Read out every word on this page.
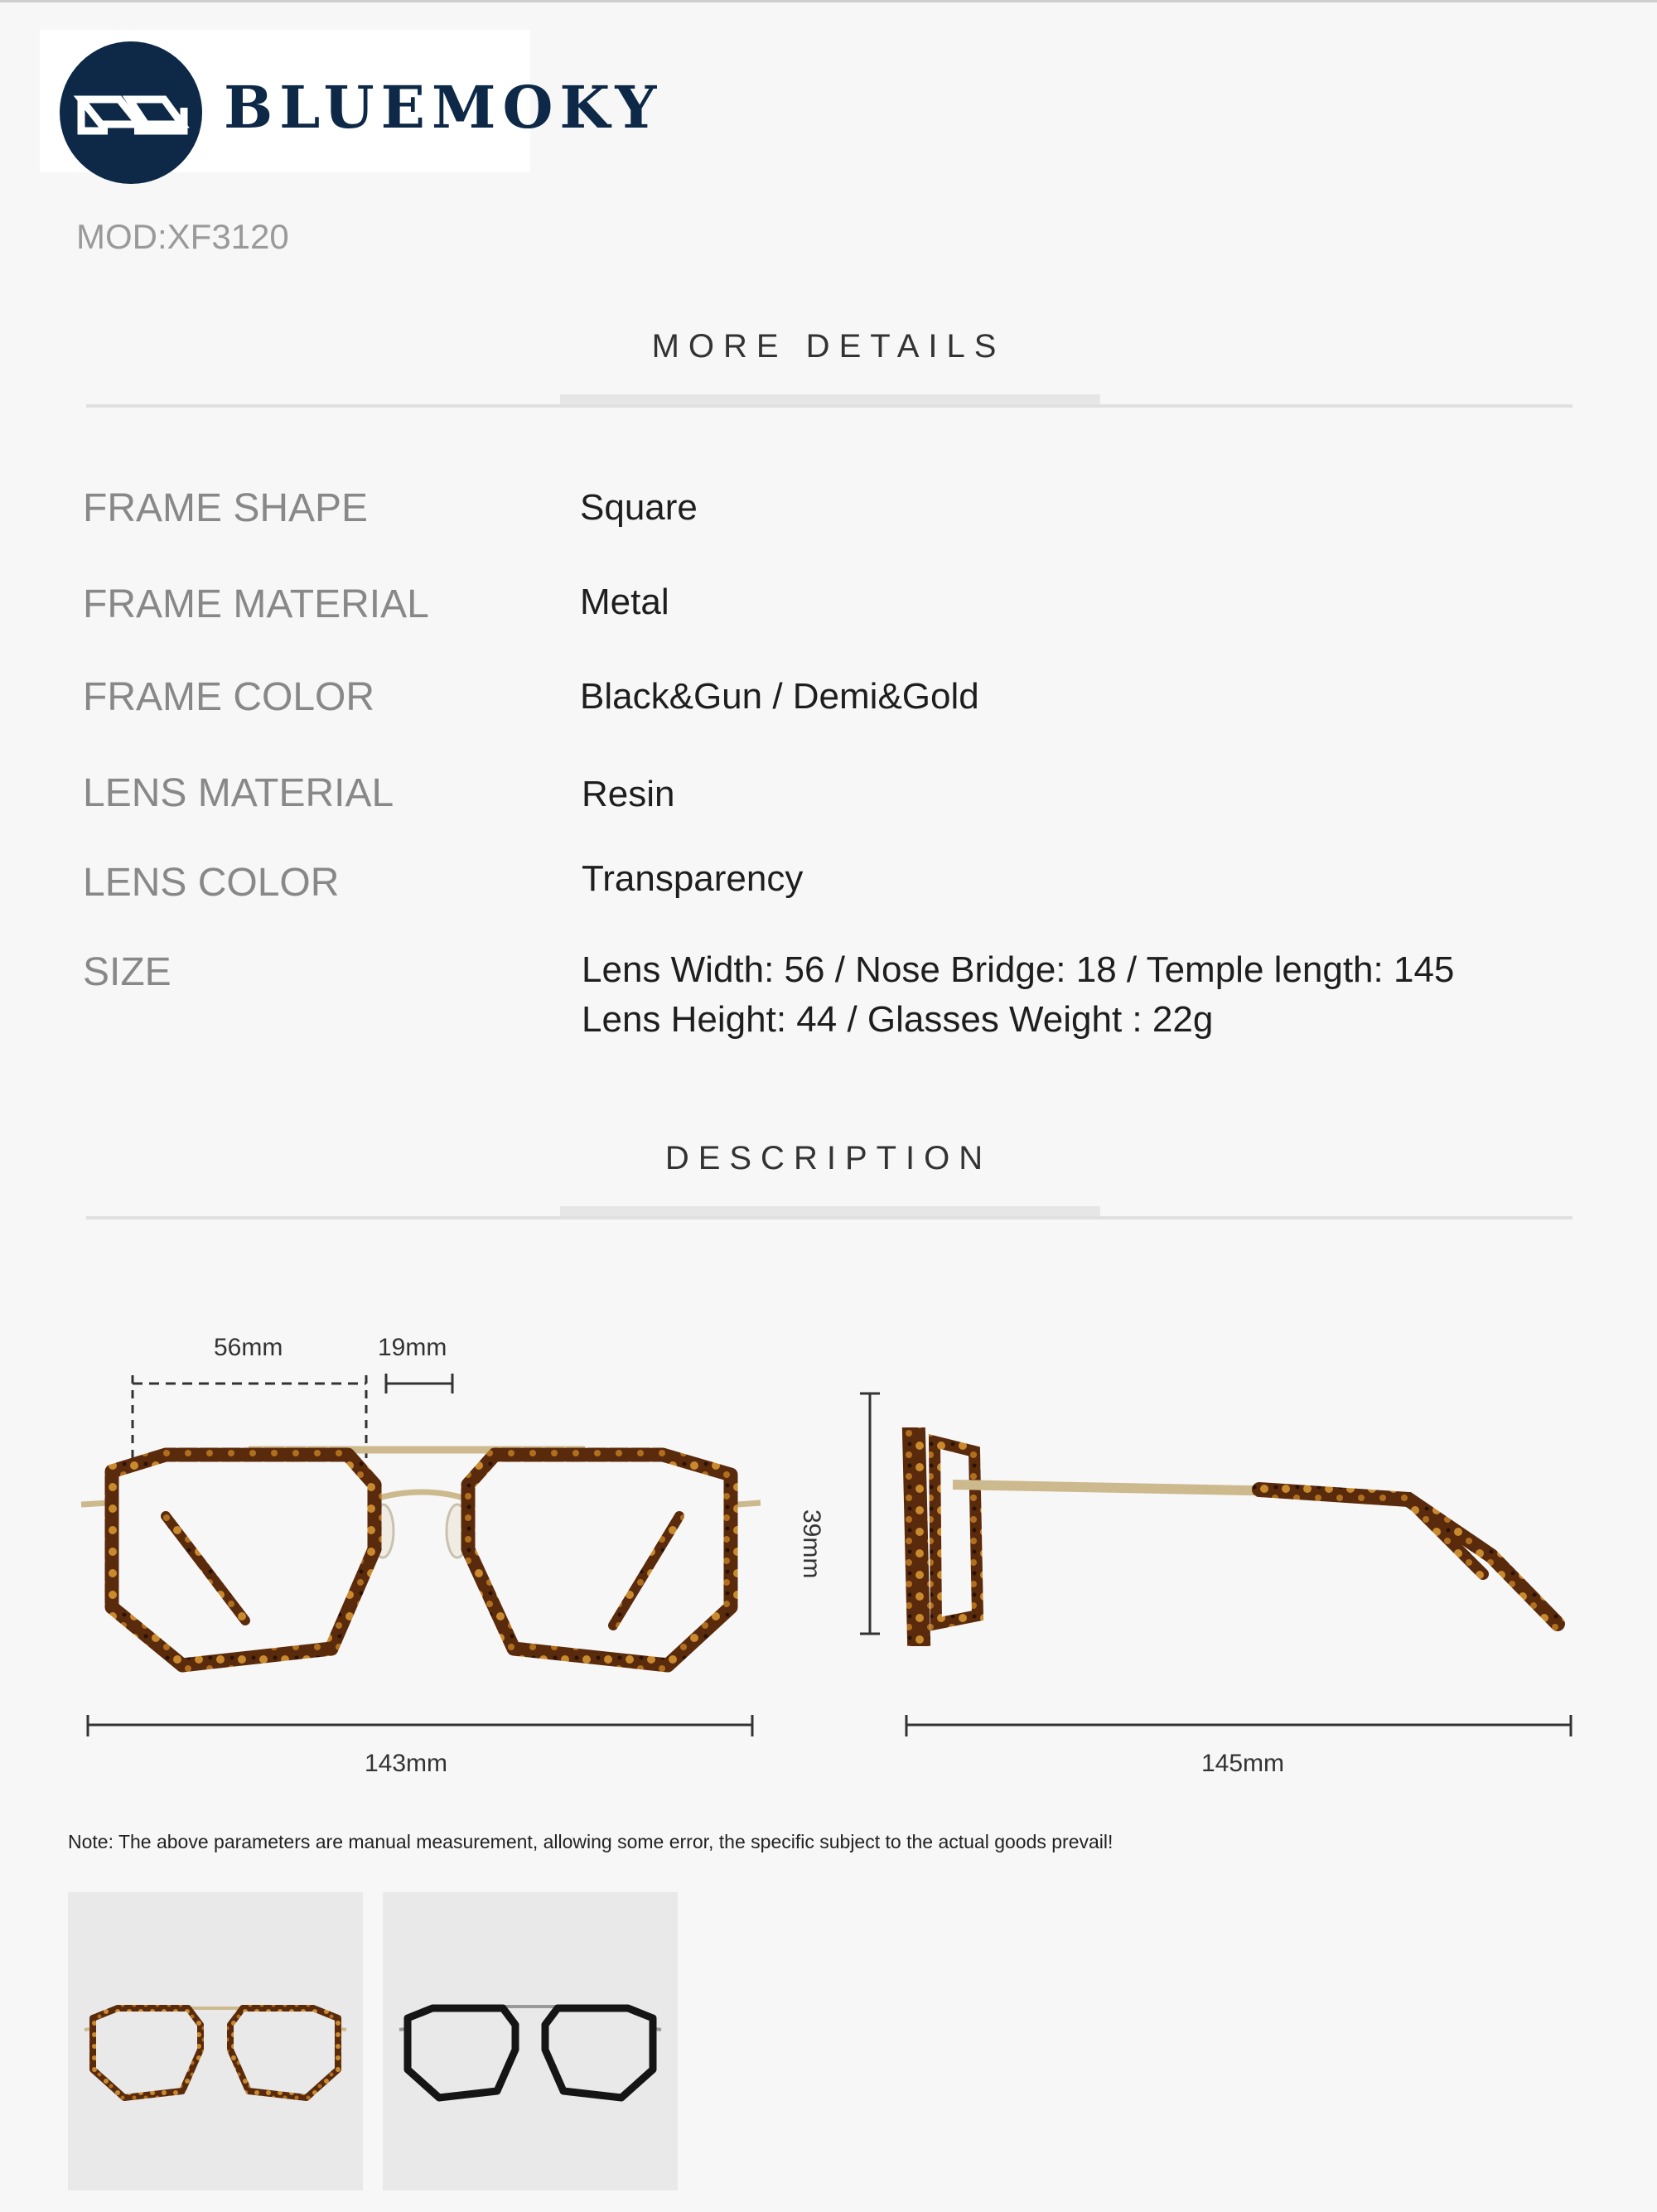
BLUEMOKY
MOD:XF3120
MORE DETAILS
FRAME SHAPE	Square
FRAME MATERIAL	Metal
FRAME COLOR	Black&Gun / Demi&Gold
LENS MATERIAL	Resin
LENS COLOR	Transparency
SIZE	Lens Width: 56 / Nose Bridge: 18 / Temple length: 145
Lens Height: 44 / Glasses Weight : 22g
DESCRIPTION
56mm	19mm
143mm
39mm
145mm
Note: The above parameters are manual measurement, allowing some error, the specific subject to the actual goods prevail!
